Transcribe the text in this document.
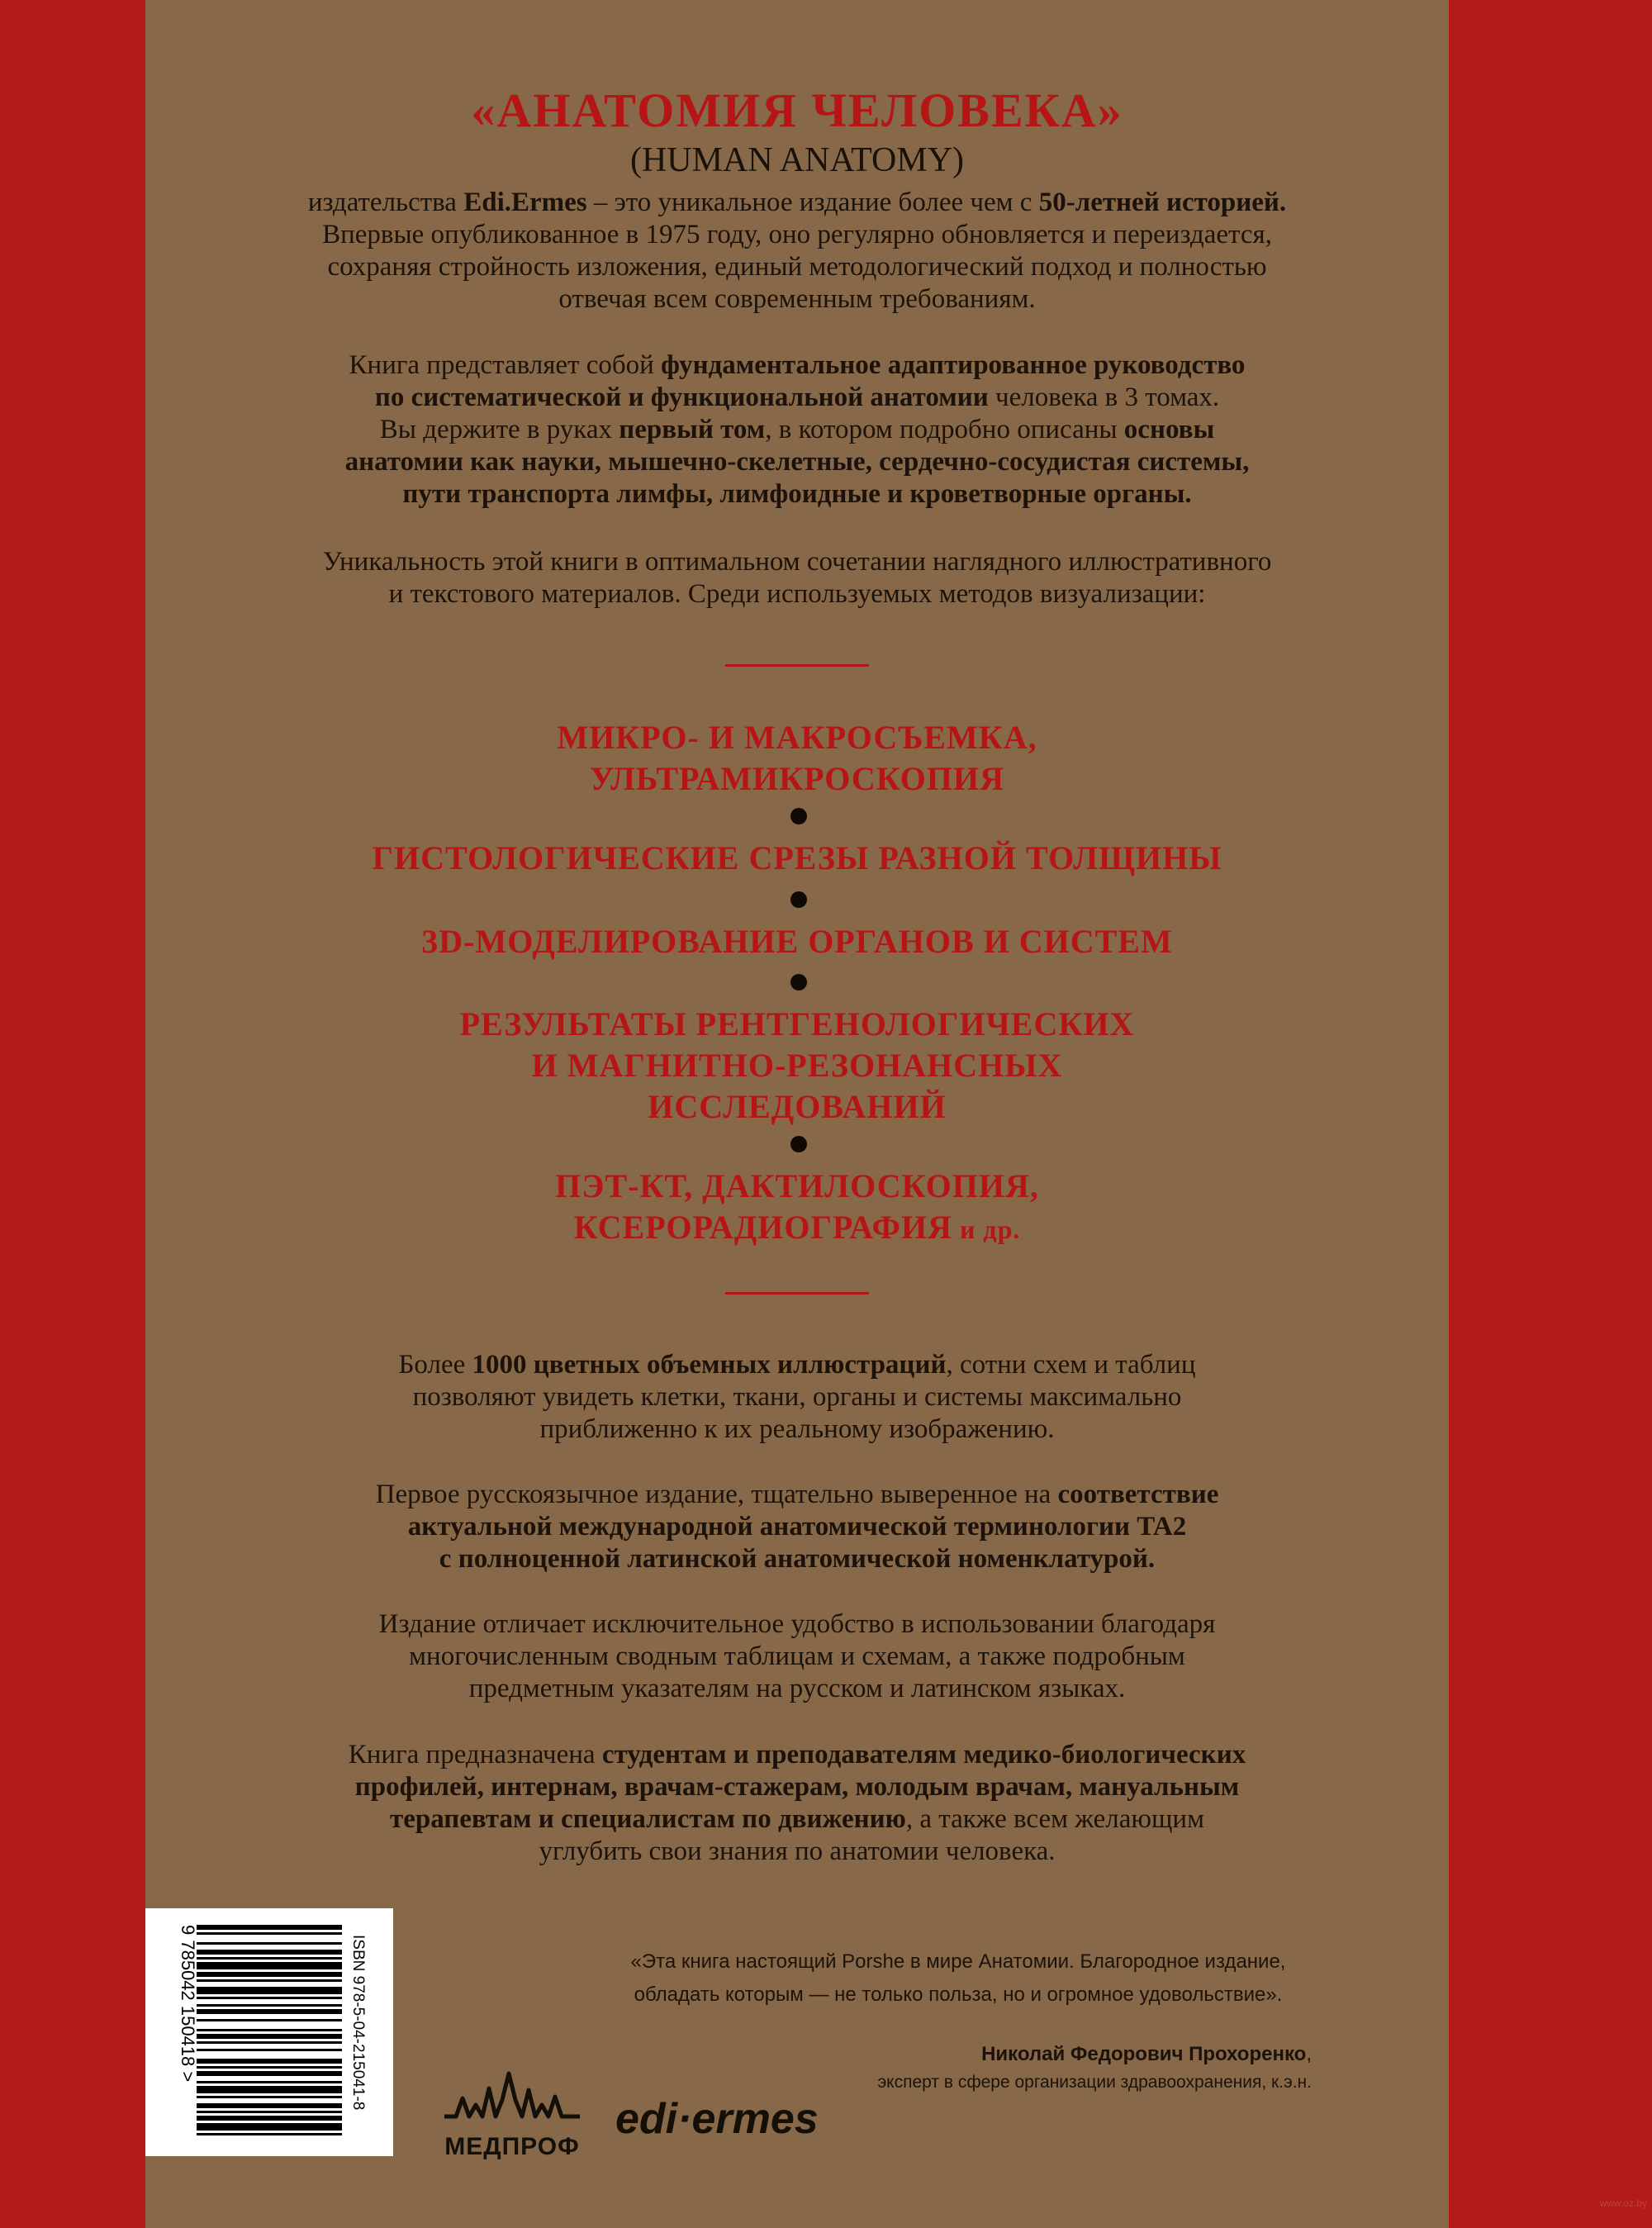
«АНАТОМИЯ ЧЕЛОВЕКА»
(HUMAN ANATOMY)
издательства Edi.Ermes – это уникальное издание более чем с 50-летней историей.
Впервые опубликованное в 1975 году, оно регулярно обновляется и переиздается,
сохраняя стройность изложения, единый методологический подход и полностью
отвечая всем современным требованиям.
Книга представляет собой фундаментальное адаптированное руководство
по систематической и функциональной анатомии человека в 3 томах.
Вы держите в руках первый том, в котором подробно описаны основы
анатомии как науки, мышечно-скелетные, сердечно-сосудистая системы,
пути транспорта лимфы, лимфоидные и кроветворные органы.
Уникальность этой книги в оптимальном сочетании наглядного иллюстративного
и текстового материалов. Среди используемых методов визуализации:
МИКРО- И МАКРОСЪЕМКА,
УЛЬТРАМИКРОСКОПИЯ
ГИСТОЛОГИЧЕСКИЕ СРЕЗЫ РАЗНОЙ ТОЛЩИНЫ
3D-МОДЕЛИРОВАНИЕ ОРГАНОВ И СИСТЕМ
РЕЗУЛЬТАТЫ РЕНТГЕНОЛОГИЧЕСКИХ
И МАГНИТНО-РЕЗОНАНСНЫХ
ИССЛЕДОВАНИЙ
ПЭТ-КТ, ДАКТИЛОСКОПИЯ,
КСЕРОРАДИОГРАФИЯ и др.
Более 1000 цветных объемных иллюстраций, сотни схем и таблиц
позволяют увидеть клетки, ткани, органы и системы максимально
приближенно к их реальному изображению.
Первое русскоязычное издание, тщательно выверенное на соответствие
актуальной международной анатомической терминологии TA2
с полноценной латинской анатомической номенклатурой.
Издание отличает исключительное удобство в использовании благодаря
многочисленным сводным таблицам и схемам, а также подробным
предметным указателям на русском и латинском языках.
Книга предназначена студентам и преподавателям медико-биологических
профилей, интернам, врачам-стажерам, молодым врачам, мануальным
терапевтам и специалистам по движению, а также всем желающим
углубить свои знания по анатомии человека.
9 785042 150418 >	ISBN 978-5-04-215041-8	«Эта книга настоящий Porshe в мире Анатомии. Благородное издание,
обладать которым — не только польза, но и огромное удовольствие».
Николай Федорович Прохоренко,
эксперт в сфере организации здравоохранения, к.э.н.
МЕДПРОФ
edi·ermes
www.oz.by
